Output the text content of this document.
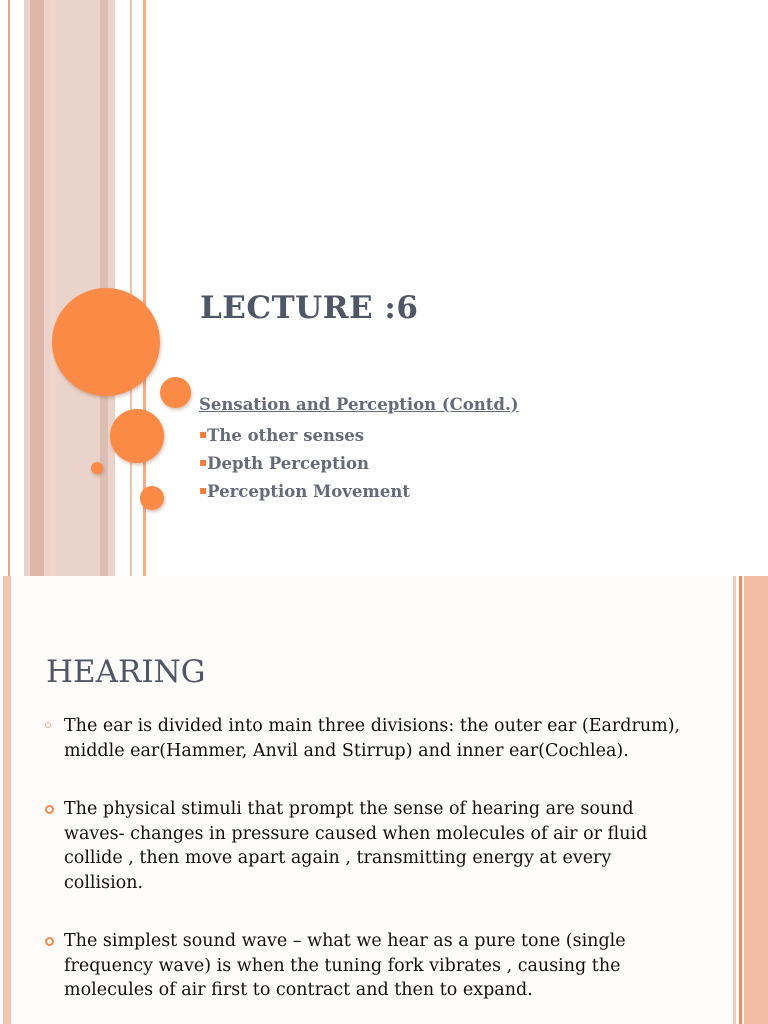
LECTURE :6
Sensation and Perception (Contd.)
▪The other senses
▪Depth Perception
▪Perception Movement
HEARING
The ear is divided into main three divisions: the outer ear (Eardrum), middle ear(Hammer, Anvil and Stirrup) and inner ear(Cochlea).
The physical stimuli that prompt the sense of hearing are sound waves- changes in pressure caused when molecules of air or fluid collide , then move apart again , transmitting energy at every collision.
The simplest sound wave – what we hear as a pure tone (single frequency wave) is when the tuning fork vibrates , causing the molecules of air first to contract and then to expand.
